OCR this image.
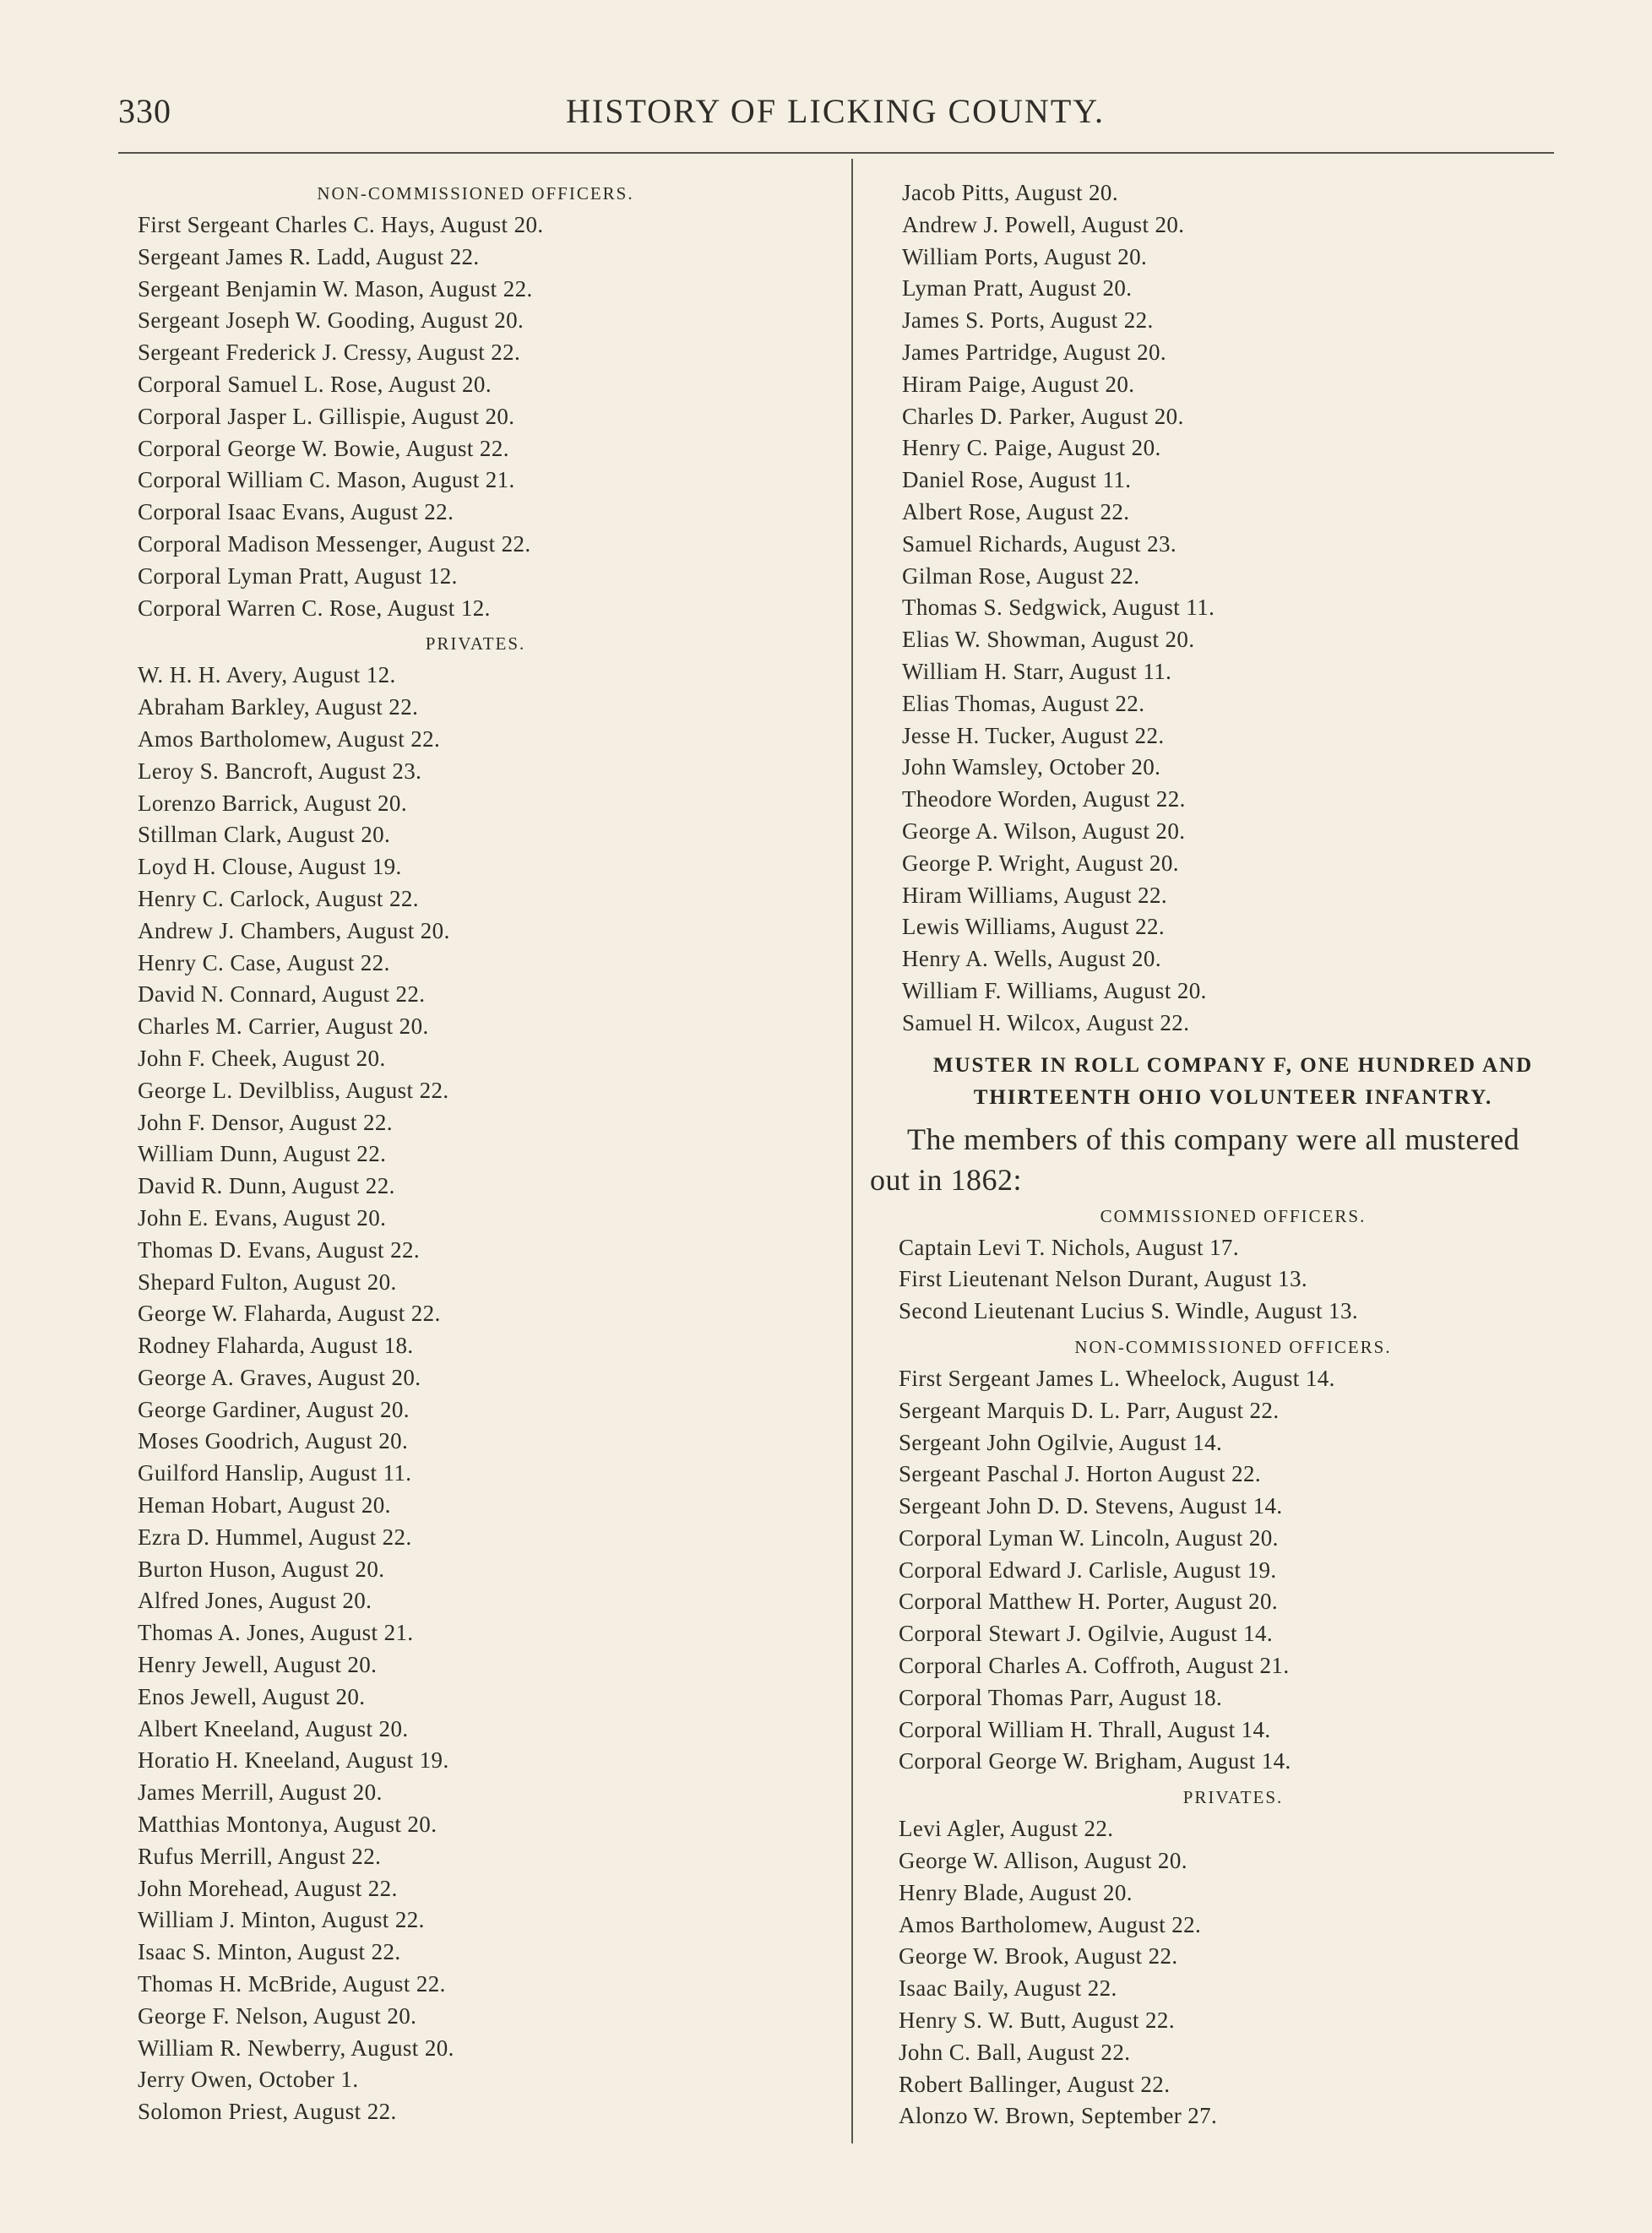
330	HISTORY OF LICKING COUNTY.
NON-COMMISSIONED OFFICERS.
First Sergeant Charles C. Hays, August 20.
Sergeant James R. Ladd, August 22.
Sergeant Benjamin W. Mason, August 22.
Sergeant Joseph W. Gooding, August 20.
Sergeant Frederick J. Cressy, August 22.
Corporal Samuel L. Rose, August 20.
Corporal Jasper L. Gillispie, August 20.
Corporal George W. Bowie, August 22.
Corporal William C. Mason, August 21.
Corporal Isaac Evans, August 22.
Corporal Madison Messenger, August 22.
Corporal Lyman Pratt, August 12.
Corporal Warren C. Rose, August 12.
PRIVATES.
W. H. H. Avery, August 12.
Abraham Barkley, August 22.
Amos Bartholomew, August 22.
Leroy S. Bancroft, August 23.
Lorenzo Barrick, August 20.
Stillman Clark, August 20.
Loyd H. Clouse, August 19.
Henry C. Carlock, August 22.
Andrew J. Chambers, August 20.
Henry C. Case, August 22.
David N. Connard, August 22.
Charles M. Carrier, August 20.
John F. Cheek, August 20.
George L. Devilbliss, August 22.
John F. Densor, August 22.
William Dunn, August 22.
David R. Dunn, August 22.
John E. Evans, August 20.
Thomas D. Evans, August 22.
Shepard Fulton, August 20.
George W. Flaharda, August 22.
Rodney Flaharda, August 18.
George A. Graves, August 20.
George Gardiner, August 20.
Moses Goodrich, August 20.
Guilford Hanslip, August 11.
Heman Hobart, August 20.
Ezra D. Hummel, August 22.
Burton Huson, August 20.
Alfred Jones, August 20.
Thomas A. Jones, August 21.
Henry Jewell, August 20.
Enos Jewell, August 20.
Albert Kneeland, August 20.
Horatio H. Kneeland, August 19.
James Merrill, August 20.
Matthias Montonya, August 20.
Rufus Merrill, Angust 22.
John Morehead, August 22.
William J. Minton, August 22.
Isaac S. Minton, August 22.
Thomas H. McBride, August 22.
George F. Nelson, August 20.
William R. Newberry, August 20.
Jerry Owen, October 1.
Solomon Priest, August 22.
Jacob Pitts, August 20.
Andrew J. Powell, August 20.
William Ports, August 20.
Lyman Pratt, August 20.
James S. Ports, August 22.
James Partridge, August 20.
Hiram Paige, August 20.
Charles D. Parker, August 20.
Henry C. Paige, August 20.
Daniel Rose, August 11.
Albert Rose, August 22.
Samuel Richards, August 23.
Gilman Rose, August 22.
Thomas S. Sedgwick, August 11.
Elias W. Showman, August 20.
William H. Starr, August 11.
Elias Thomas, August 22.
Jesse H. Tucker, August 22.
John Wamsley, October 20.
Theodore Worden, August 22.
George A. Wilson, August 20.
George P. Wright, August 20.
Hiram Williams, August 22.
Lewis Williams, August 22.
Henry A. Wells, August 20.
William F. Williams, August 20.
Samuel H. Wilcox, August 22.
MUSTER IN ROLL COMPANY F, ONE HUNDRED AND
THIRTEENTH OHIO VOLUNTEER INFANTRY.
The members of this company were all mustered
out in 1862:
COMMISSIONED OFFICERS.
Captain Levi T. Nichols, August 17.
First Lieutenant Nelson Durant, August 13.
Second Lieutenant Lucius S. Windle, August 13.
NON-COMMISSIONED OFFICERS.
First Sergeant James L. Wheelock, August 14.
Sergeant Marquis D. L. Parr, August 22.
Sergeant John Ogilvie, August 14.
Sergeant Paschal J. Horton August 22.
Sergeant John D. D. Stevens, August 14.
Corporal Lyman W. Lincoln, August 20.
Corporal Edward J. Carlisle, August 19.
Corporal Matthew H. Porter, August 20.
Corporal Stewart J. Ogilvie, August 14.
Corporal Charles A. Coffroth, August 21.
Corporal Thomas Parr, August 18.
Corporal William H. Thrall, August 14.
Corporal George W. Brigham, August 14.
PRIVATES.
Levi Agler, August 22.
George W. Allison, August 20.
Henry Blade, August 20.
Amos Bartholomew, August 22.
George W. Brook, August 22.
Isaac Baily, August 22.
Henry S. W. Butt, August 22.
John C. Ball, August 22.
Robert Ballinger, August 22.
Alonzo W. Brown, September 27.
